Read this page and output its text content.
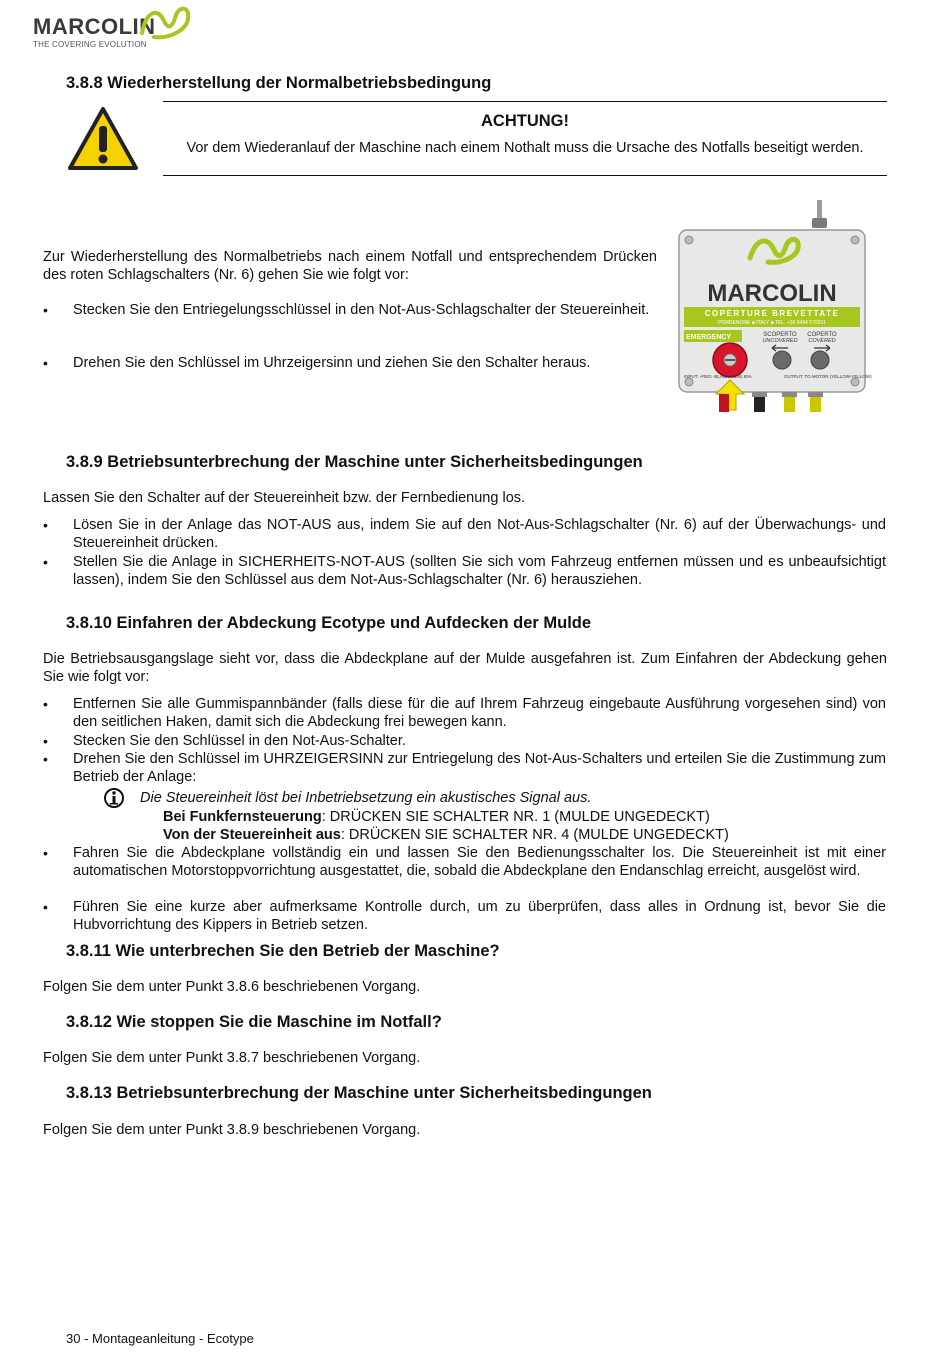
MARCOLIN
THE COVERING EVOLUTION
3.8.8 Wiederherstellung der Normalbetriebsbedingung
ACHTUNG!
Vor dem Wiederanlauf der Maschine nach einem Nothalt muss die Ursache des Notfalls beseitigt werden.

Zur Wiederherstellung des Normalbetriebs nach einem Notfall und entsprechendem Drücken des roten Schlagschalters (Nr. 6) gehen Sie wie folgt vor:

• Stecken Sie den Entriegelungsschlüssel in den Not-Aus-Schlagschalter der Steuereinheit.
• Drehen Sie den Schlüssel im Uhrzeigersinn und ziehen Sie den Schalter heraus.
MARCOLIN
COPERTURE BREVETTATE
PORDENONE ■ ITALY ■ TEL. +39 0434 570261
EMERGENCY	SCOPERTO
UNCOVERED
COPERTO
COVERED
INPUT: +RED -BLACK FUSE 80A	OUTPUT: TO MOTOR (YELLOW-YELLOW)
3.8.9 Betriebsunterbrechung der Maschine unter Sicherheitsbedingungen

Lassen Sie den Schalter auf der Steuereinheit bzw. der Fernbedienung los.

• Lösen Sie in der Anlage das NOT-AUS aus, indem Sie auf den Not-Aus-Schlagschalter (Nr. 6) auf der Überwachungs- und Steuereinheit drücken.
• Stellen Sie die Anlage in SICHERHEITS-NOT-AUS (sollten Sie sich vom Fahrzeug entfernen müssen und es unbeaufsichtigt lassen), indem Sie den Schlüssel aus dem Not-Aus-Schlagschalter (Nr. 6) herausziehen.
3.8.10 Einfahren der Abdeckung Ecotype und Aufdecken der Mulde

Die Betriebsausgangslage sieht vor, dass die Abdeckplane auf der Mulde ausgefahren ist. Zum Einfahren der Abdeckung gehen Sie wie folgt vor:

• Entfernen Sie alle Gummispannbänder (falls diese für die auf Ihrem Fahrzeug eingebaute Ausführung vorgesehen sind) von den seitlichen Haken, damit sich die Abdeckung frei bewegen kann.
• Stecken Sie den Schlüssel in den Not-Aus-Schalter.
• Drehen Sie den Schlüssel im UHRZEIGERSINN zur Entriegelung des Not-Aus-Schalters und erteilen Sie die Zustimmung zum Betrieb der Anlage:
Die Steuereinheit löst bei Inbetriebsetzung ein akustisches Signal aus.
Bei Funkfernsteuerung: DRÜCKEN SIE SCHALTER NR. 1 (MULDE UNGEDECKT)
Von der Steuereinheit aus: DRÜCKEN SIE SCHALTER NR. 4 (MULDE UNGEDECKT)
• Fahren Sie die Abdeckplane vollständig ein und lassen Sie den Bedienungsschalter los. Die Steuereinheit ist mit einer automatischen Motorstoppvorrichtung ausgestattet, die, sobald die Abdeckplane den Endanschlag erreicht, ausgelöst wird.
• Führen Sie eine kurze aber aufmerksame Kontrolle durch, um zu überprüfen, dass alles in Ordnung ist, bevor Sie die Hubvorrichtung des Kippers in Betrieb setzen.
3.8.11 Wie unterbrechen Sie den Betrieb der Maschine?

Folgen Sie dem unter Punkt 3.8.6 beschriebenen Vorgang.

3.8.12 Wie stoppen Sie die Maschine im Notfall?

Folgen Sie dem unter Punkt 3.8.7 beschriebenen Vorgang.

3.8.13 Betriebsunterbrechung der Maschine unter Sicherheitsbedingungen

Folgen Sie dem unter Punkt 3.8.9 beschriebenen Vorgang.

30 - Montageanleitung - Ecotype
